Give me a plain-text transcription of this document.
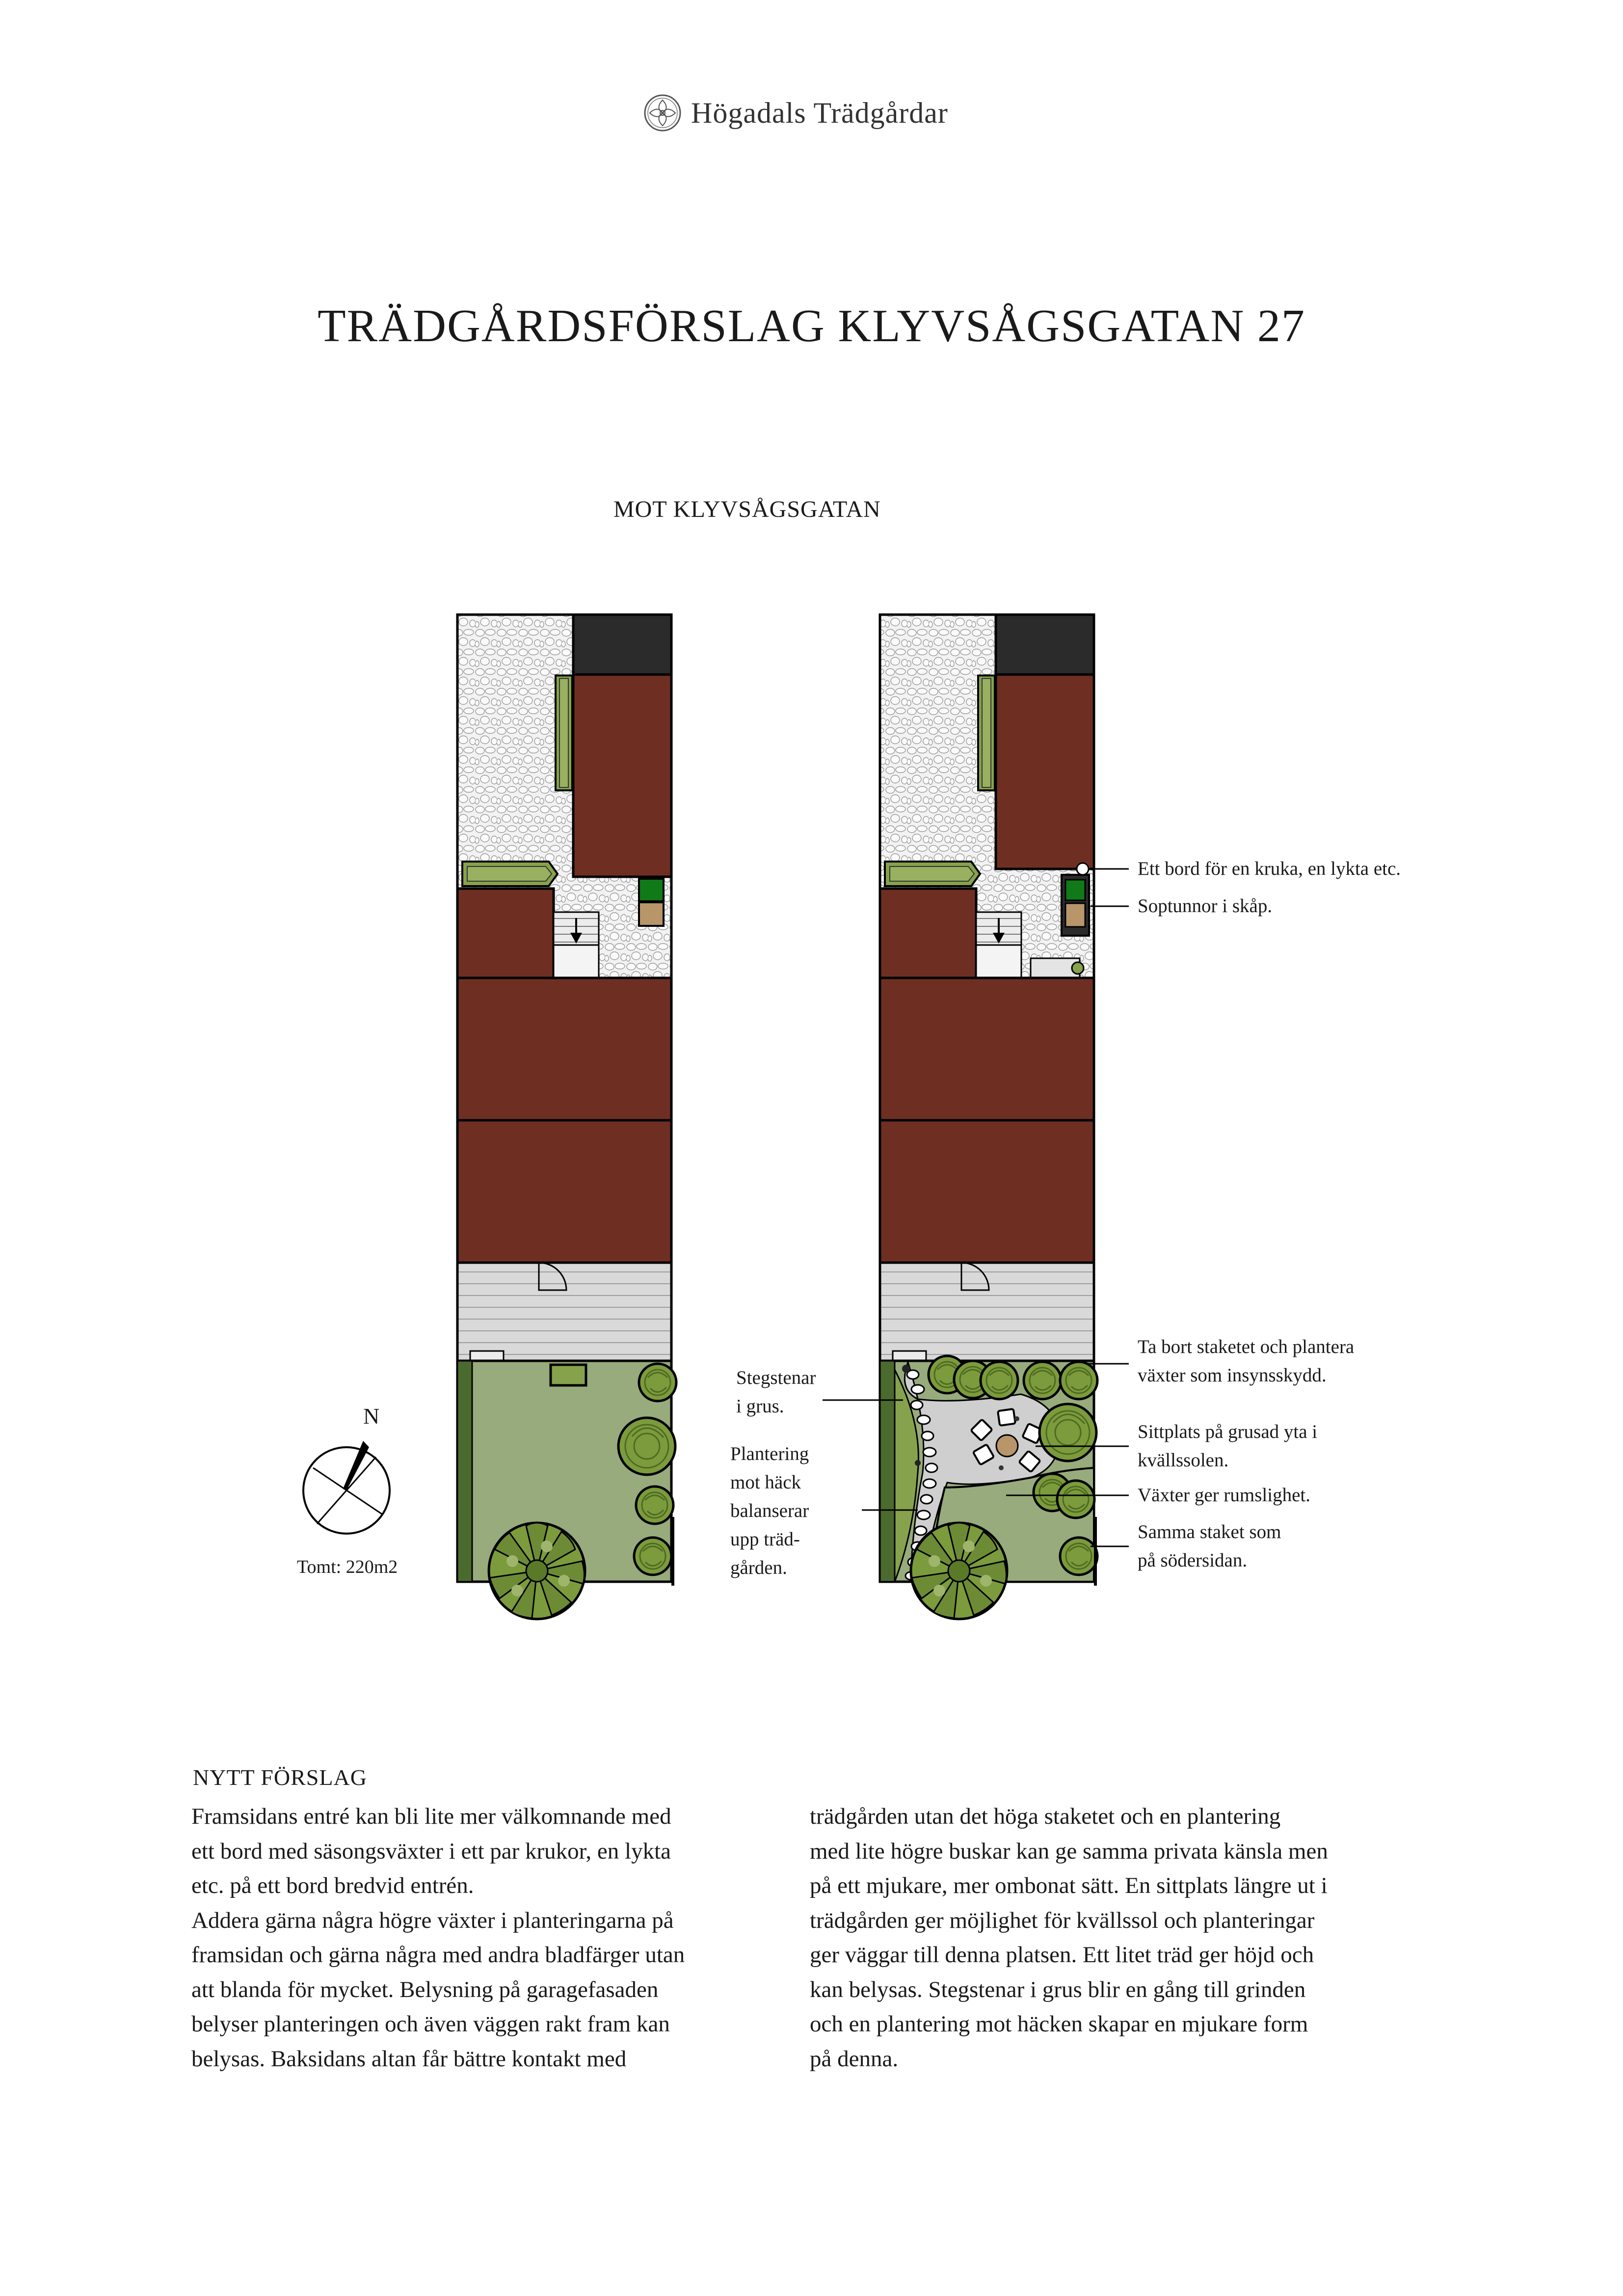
Högadals Trädgårdar
TRÄDGÅRDSFÖRSLAG KLYVSÅGSGATAN 27
MOT KLYVSÅGSGATAN
Ett bord för en kruka, en lykta etc.
Soptunnor i skåp.
Ta bort staketet och plantera
växter som insynsskydd.
Sittplats på grusad yta i
kvällssolen.
Växter ger rumslighet.
Samma staket som
på södersidan.
Stegstenar
i grus.
Plantering
mot häck
balanserar
upp träd-
gården.
N
Tomt: 220m2
NYTT FÖRSLAG
Framsidans entré kan bli lite mer välkomnande med
ett bord med säsongsväxter i ett par krukor, en lykta
etc. på ett bord bredvid entrén.
Addera gärna några högre växter i planteringarna på
framsidan och gärna några med andra bladfärger utan
att blanda för mycket. Belysning på garagefasaden
belyser planteringen och även väggen rakt fram kan
belysas. Baksidans altan får bättre kontakt med
trädgården utan det höga staketet och en plantering
med lite högre buskar kan ge samma privata känsla men
på ett mjukare, mer ombonat sätt. En sittplats längre ut i
trädgården ger möjlighet för kvällssol och planteringar
ger väggar till denna platsen. Ett litet träd ger höjd och
kan belysas. Stegstenar i grus blir en gång till grinden
och en plantering mot häcken skapar en mjukare form
på denna.
